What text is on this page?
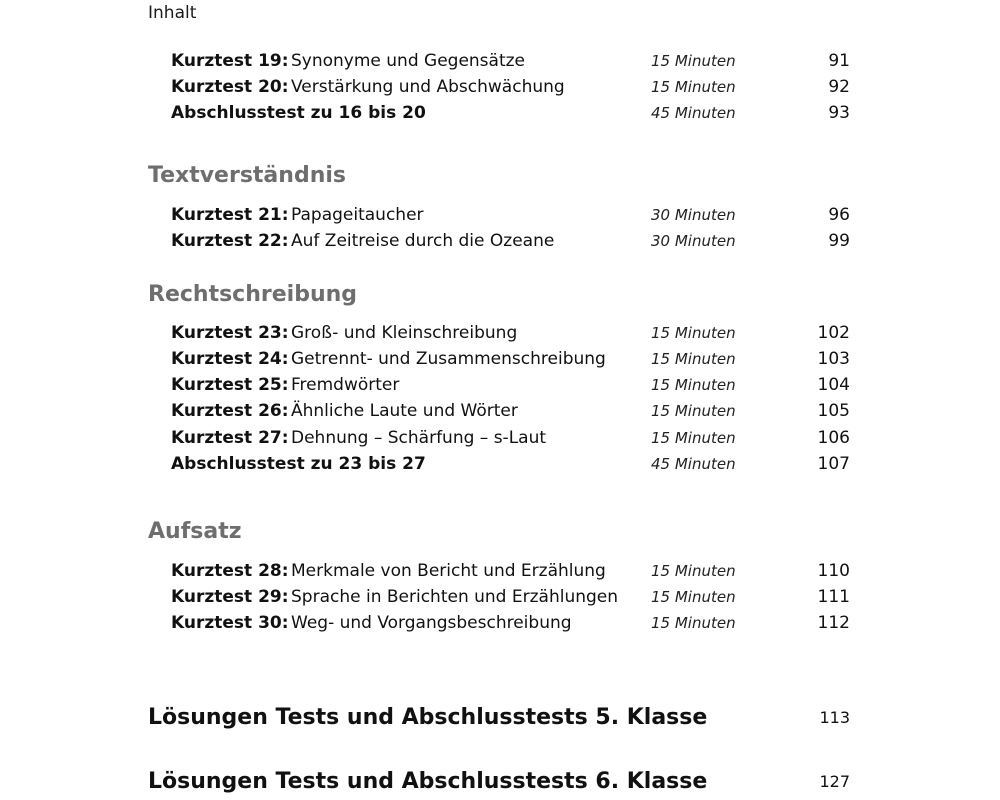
Inhalt
Kurztest 19: Synonyme und Gegensätze	15 Minuten	91
Kurztest 20: Verstärkung und Abschwächung	15 Minuten	92
Abschlusstest zu 16 bis 20	45 Minuten	93
Textverständnis
Kurztest 21: Papageitaucher	30 Minuten	96
Kurztest 22: Auf Zeitreise durch die Ozeane	30 Minuten	99
Rechtschreibung
Kurztest 23: Groß- und Kleinschreibung	15 Minuten	102
Kurztest 24: Getrennt- und Zusammenschreibung	15 Minuten	103
Kurztest 25: Fremdwörter	15 Minuten	104
Kurztest 26: Ähnliche Laute und Wörter	15 Minuten	105
Kurztest 27: Dehnung – Schärfung – s-Laut	15 Minuten	106
Abschlusstest zu 23 bis 27	45 Minuten	107
Aufsatz
Kurztest 28: Merkmale von Bericht und Erzählung	15 Minuten	110
Kurztest 29: Sprache in Berichten und Erzählungen 15 Minuten	111
Kurztest 30: Weg- und Vorgangsbeschreibung	15 Minuten	112
Lösungen Tests und Abschlusstests 5. Klasse	113
Lösungen Tests und Abschlusstests 6. Klasse	127
